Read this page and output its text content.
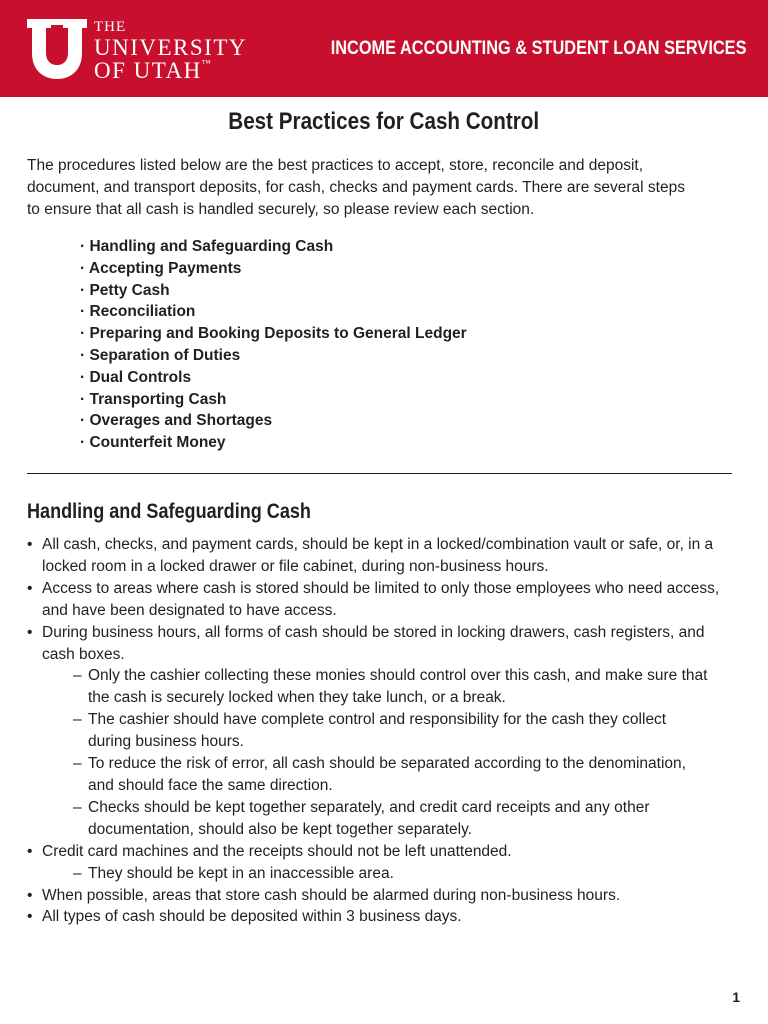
THE
UNIVERSITY
OF UTAH™
INCOME ACCOUNTING & STUDENT LOAN SERVICES
Best Practices for Cash Control

The procedures listed below are the best practices to accept, store, reconcile and deposit,
document, and transport deposits, for cash, checks and payment cards. There are several steps
to ensure that all cash is handled securely, so please review each section.

· Handling and Safeguarding Cash
· Accepting Payments
· Petty Cash
· Reconciliation
· Preparing and Booking Deposits to General Ledger
· Separation of Duties
· Dual Controls
· Transporting Cash
· Overages and Shortages
· Counterfeit Money
Handling and Safeguarding Cash
• All cash, checks, and payment cards, should be kept in a locked/combination vault or safe, or, in a
locked room in a locked drawer or file cabinet, during non-business hours.
• Access to areas where cash is stored should be limited to only those employees who need access,
and have been designated to have access.
• During business hours, all forms of cash should be stored in locking drawers, cash registers, and
cash boxes.
– Only the cashier collecting these monies should control over this cash, and make sure that
the cash is securely locked when they take lunch, or a break.
– The cashier should have complete control and responsibility for the cash they collect
during business hours.
– To reduce the risk of error, all cash should be separated according to the denomination,
and should face the same direction.
– Checks should be kept together separately, and credit card receipts and any other
documentation, should also be kept together separately.
• Credit card machines and the receipts should not be left unattended.
– They should be kept in an inaccessible area.
• When possible, areas that store cash should be alarmed during non-business hours.
• All types of cash should be deposited within 3 business days.
1
